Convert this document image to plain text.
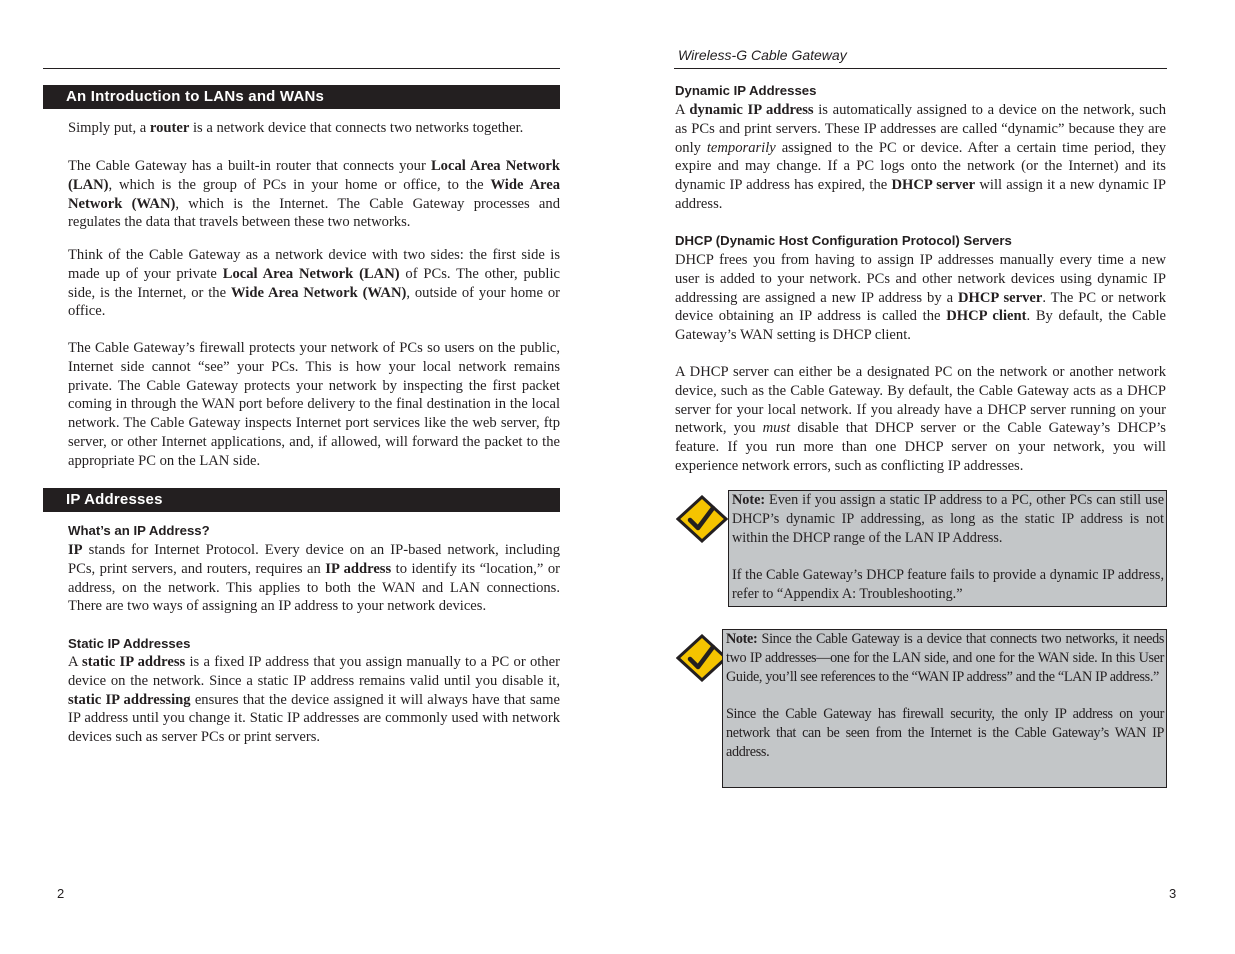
An Introduction to LANs and WANs

Simply put, a router is a network device that connects two networks together.

The Cable Gateway has a built-in router that connects your Local Area Network (LAN), which is the group of PCs in your home or office, to the Wide Area Network (WAN), which is the Internet. The Cable Gateway processes and regulates the data that travels between these two networks.

Think of the Cable Gateway as a network device with two sides: the first side is made up of your private Local Area Network (LAN) of PCs. The other, public side, is the Internet, or the Wide Area Network (WAN), outside of your home or office.

The Cable Gateway’s firewall protects your network of PCs so users on the public, Internet side cannot “see” your PCs. This is how your local network remains private. The Cable Gateway protects your network by inspecting the first packet coming in through the WAN port before delivery to the final destination in the local network. The Cable Gateway inspects Internet port services like the web server, ftp server, or other Internet applications, and, if allowed, will forward the packet to the appropriate PC on the LAN side.

IP Addresses
What’s an IP Address?

IP stands for Internet Protocol. Every device on an IP-based network, including PCs, print servers, and routers, requires an IP address to identify its “location,” or address, on the network. This applies to both the WAN and LAN connections. There are two ways of assigning an IP address to your network devices.

Static IP Addresses

A static IP address is a fixed IP address that you assign manually to a PC or other device on the network. Since a static IP address remains valid until you disable it, static IP addressing ensures that the device assigned it will always have that same IP address until you change it. Static IP addresses are commonly used with network devices such as server PCs or print servers.

2
Wireless-G Cable Gateway
Dynamic IP Addresses

A dynamic IP address is automatically assigned to a device on the network, such as PCs and print servers. These IP addresses are called “dynamic” because they are only temporarily assigned to the PC or device. After a certain time period, they expire and may change. If a PC logs onto the network (or the Internet) and its dynamic IP address has expired, the DHCP server will assign it a new dynamic IP address.

DHCP (Dynamic Host Configuration Protocol) Servers

DHCP frees you from having to assign IP addresses manually every time a new user is added to your network. PCs and other network devices using dynamic IP addressing are assigned a new IP address by a DHCP server. The PC or network device obtaining an IP address is called the DHCP client. By default, the Cable Gateway’s WAN setting is DHCP client.

A DHCP server can either be a designated PC on the network or another network device, such as the Cable Gateway. By default, the Cable Gateway acts as a DHCP server for your local network. If you already have a DHCP server running on your network, you must disable that DHCP server or the Cable Gateway’s DHCP’s feature. If you run more than one DHCP server on your network, you will experience network errors, such as conflicting IP addresses.

Note: Even if you assign a static IP address to a PC, other PCs can still use DHCP’s dynamic IP addressing, as long as the static IP address is not within the DHCP range of the LAN IP Address.

If the Cable Gateway’s DHCP feature fails to provide a dynamic IP address, refer to “Appendix A: Troubleshooting.”

Note: Since the Cable Gateway is a device that connects two networks, it needs two IP addresses—one for the LAN side, and one for the WAN side. In this User Guide, you’ll see references to the “WAN IP address” and the “LAN IP address.”

Since the Cable Gateway has firewall security, the only IP address on your network that can be seen from the Internet is the Cable Gateway’s WAN IP address.

3
